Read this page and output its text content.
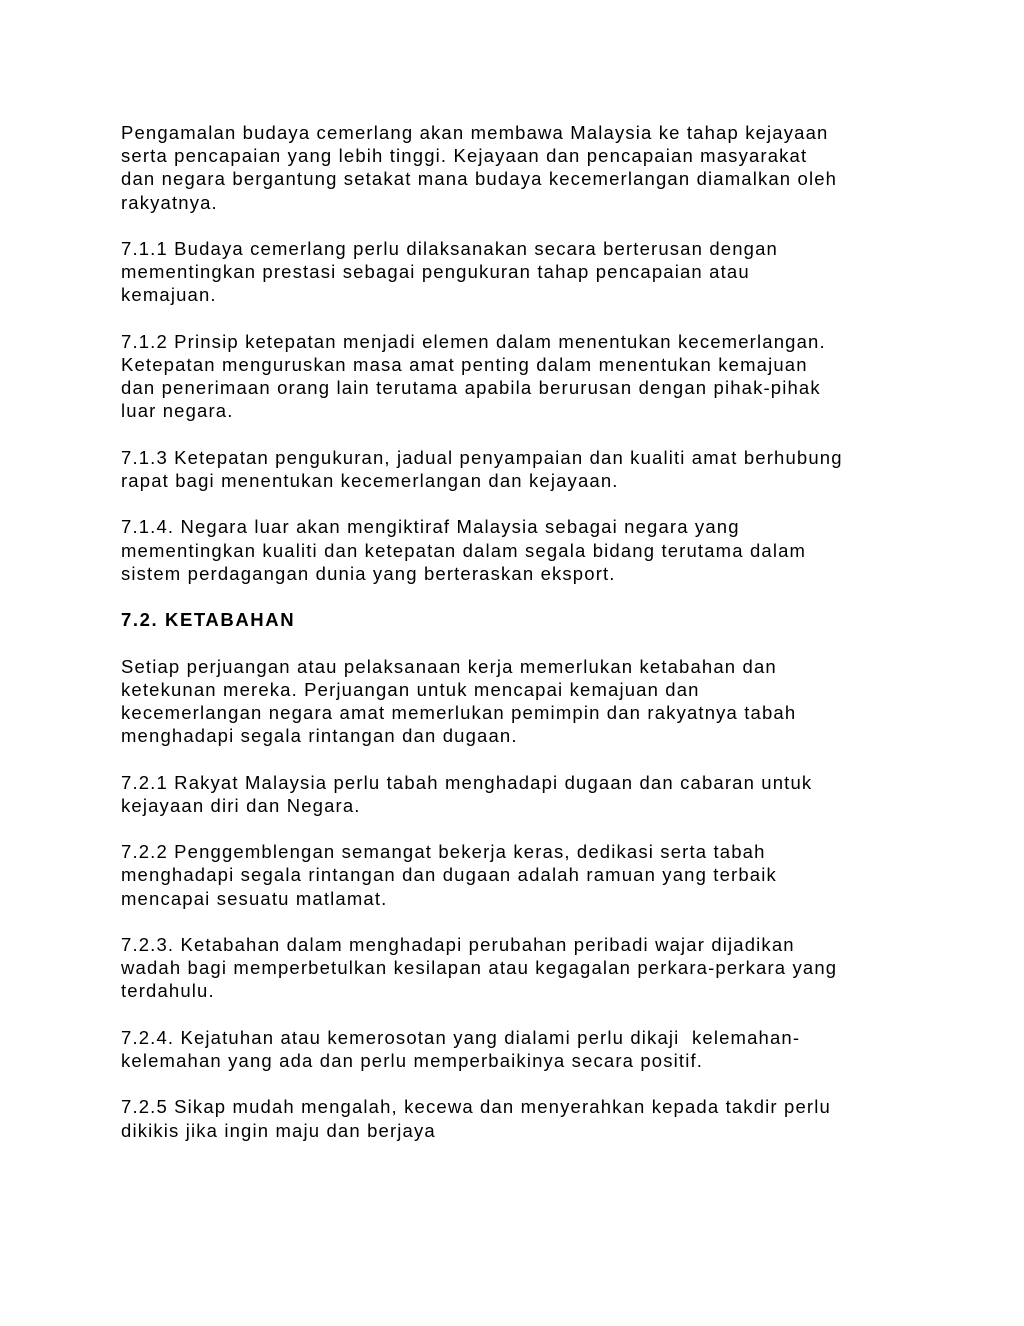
Pengamalan budaya cemerlang akan membawa Malaysia ke tahap kejayaan
serta pencapaian yang lebih tinggi. Kejayaan dan pencapaian masyarakat
dan negara bergantung setakat mana budaya kecemerlangan diamalkan oleh
rakyatnya.

7.1.1 Budaya cemerlang perlu dilaksanakan secara berterusan dengan
mementingkan prestasi sebagai pengukuran tahap pencapaian atau
kemajuan.

7.1.2 Prinsip ketepatan menjadi elemen dalam menentukan kecemerlangan.
Ketepatan menguruskan masa amat penting dalam menentukan kemajuan
dan penerimaan orang lain terutama apabila berurusan dengan pihak-pihak
luar negara.

7.1.3 Ketepatan pengukuran, jadual penyampaian dan kualiti amat berhubung
rapat bagi menentukan kecemerlangan dan kejayaan.

7.1.4. Negara luar akan mengiktiraf Malaysia sebagai negara yang
mementingkan kualiti dan ketepatan dalam segala bidang terutama dalam
sistem perdagangan dunia yang berteraskan eksport.

7.2. KETABAHAN

Setiap perjuangan atau pelaksanaan kerja memerlukan ketabahan dan
ketekunan mereka. Perjuangan untuk mencapai kemajuan dan
kecemerlangan negara amat memerlukan pemimpin dan rakyatnya tabah
menghadapi segala rintangan dan dugaan.

7.2.1 Rakyat Malaysia perlu tabah menghadapi dugaan dan cabaran untuk
kejayaan diri dan Negara.

7.2.2 Penggemblengan semangat bekerja keras, dedikasi serta tabah
menghadapi segala rintangan dan dugaan adalah ramuan yang terbaik
mencapai sesuatu matlamat.

7.2.3. Ketabahan dalam menghadapi perubahan peribadi wajar dijadikan
wadah bagi memperbetulkan kesilapan atau kegagalan perkara-perkara yang
terdahulu.

7.2.4. Kejatuhan atau kemerosotan yang dialami perlu dikaji  kelemahan-
kelemahan yang ada dan perlu memperbaikinya secara positif.

7.2.5 Sikap mudah mengalah, kecewa dan menyerahkan kepada takdir perlu
dikikis jika ingin maju dan berjaya
